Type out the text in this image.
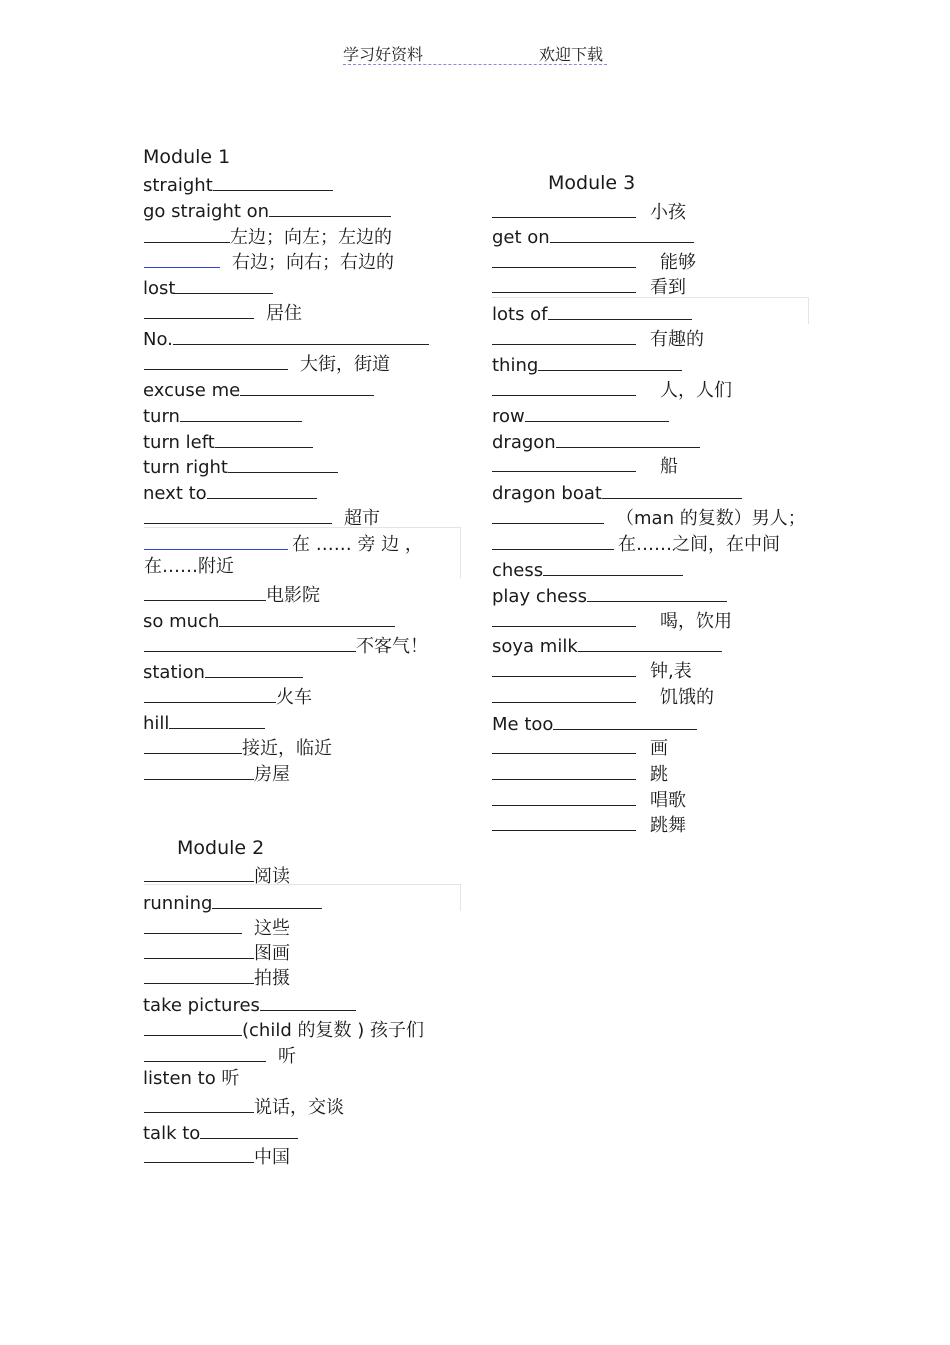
学习好资料	欢迎下载
Module 1
straight
go straight on
左边；向左；左边的
右边；向右；右边的
lost
居住
No.
大街，街道
excuse me
turn
turn left
turn right
next to
超市
在 …… 旁 边 ，
在……附近
电影院
so much
不客气！
station
火车
hill
接近，临近
房屋
Module 2
阅读
running
这些
图画
拍摄
take pictures
(child 的复数 ) 孩子们
听
listen to 听
说话，交谈
talk to
中国
Module 3
小孩
get on
能够
看到
lots of
有趣的
thing
人，人们
row
dragon
船
dragon boat
（man 的复数）男人；
在……之间，在中间
chess
play chess
喝，饮用
soya milk
钟,表
饥饿的
Me too
画
跳
唱歌
跳舞
